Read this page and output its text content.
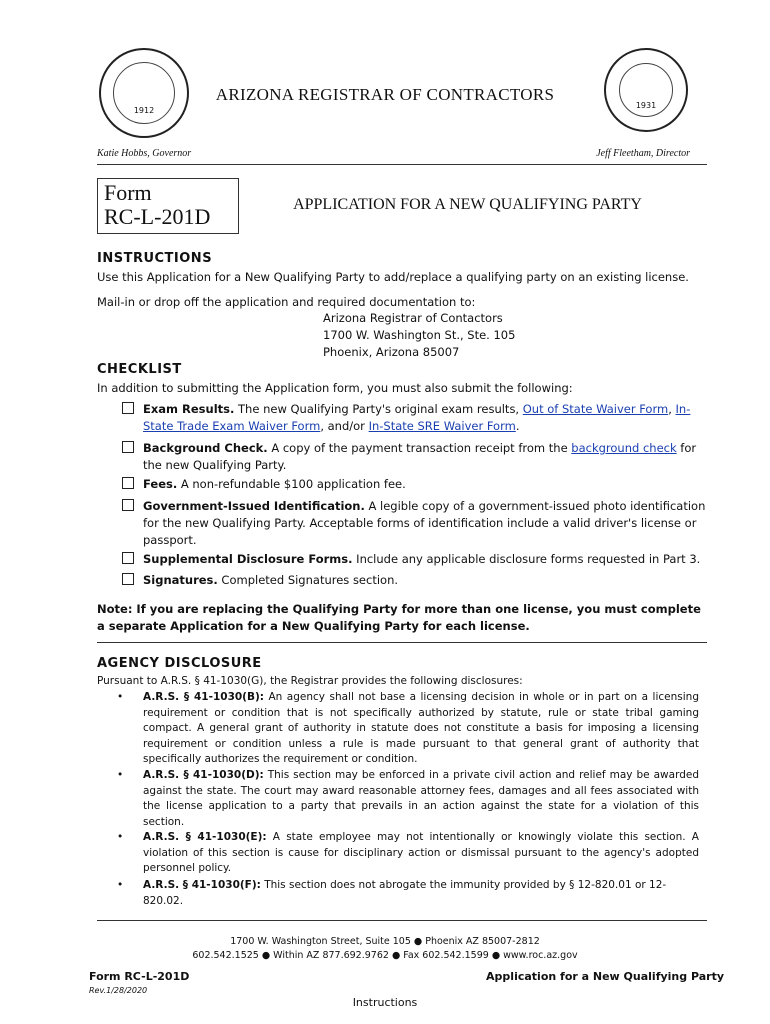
1912
1931
ARIZONA REGISTRAR OF CONTRACTORS
Katie Hobbs, Governor	Jeff Fleetham, Director
Form
RC-L-201D	APPLICATION FOR A NEW QUALIFYING PARTY
INSTRUCTIONS
Use this Application for a New Qualifying Party to add/replace a qualifying party on an existing license.
Mail-in or drop off the application and required documentation to:
Arizona Registrar of Contactors
1700 W. Washington St., Ste. 105
Phoenix, Arizona 85007
CHECKLIST
In addition to submitting the Application form, you must also submit the following:
Exam Results. The new Qualifying Party's original exam results, Out of State Waiver Form, In-State Trade Exam Waiver Form, and/or In-State SRE Waiver Form.
Background Check. A copy of the payment transaction receipt from the background check for the new Qualifying Party.
Fees. A non-refundable $100 application fee.
Government-Issued Identification. A legible copy of a government-issued photo identification for the new Qualifying Party. Acceptable forms of identification include a valid driver's license or passport.
Supplemental Disclosure Forms. Include any applicable disclosure forms requested in Part 3.
Signatures. Completed Signatures section.
Note: If you are replacing the Qualifying Party for more than one license, you must complete a separate Application for a New Qualifying Party for each license.
AGENCY DISCLOSURE
Pursuant to A.R.S. § 41-1030(G), the Registrar provides the following disclosures:
• A.R.S. § 41-1030(B): An agency shall not base a licensing decision in whole or in part on a licensing requirement or condition that is not specifically authorized by statute, rule or state tribal gaming compact. A general grant of authority in statute does not constitute a basis for imposing a licensing requirement or condition unless a rule is made pursuant to that general grant of authority that specifically authorizes the requirement or condition.
• A.R.S. § 41-1030(D): This section may be enforced in a private civil action and relief may be awarded against the state. The court may award reasonable attorney fees, damages and all fees associated with the license application to a party that prevails in an action against the state for a violation of this section.
• A.R.S. § 41-1030(E): A state employee may not intentionally or knowingly violate this section. A violation of this section is cause for disciplinary action or dismissal pursuant to the agency's adopted personnel policy.
• A.R.S. § 41-1030(F): This section does not abrogate the immunity provided by § 12-820.01 or 12-820.02.
1700 W. Washington Street, Suite 105 ● Phoenix AZ 85007-2812
602.542.1525 ● Within AZ 877.692.9762 ● Fax 602.542.1599 ● www.roc.az.gov
Form RC-L-201D
Rev.1/28/2020
Application for a New Qualifying Party
Instructions
